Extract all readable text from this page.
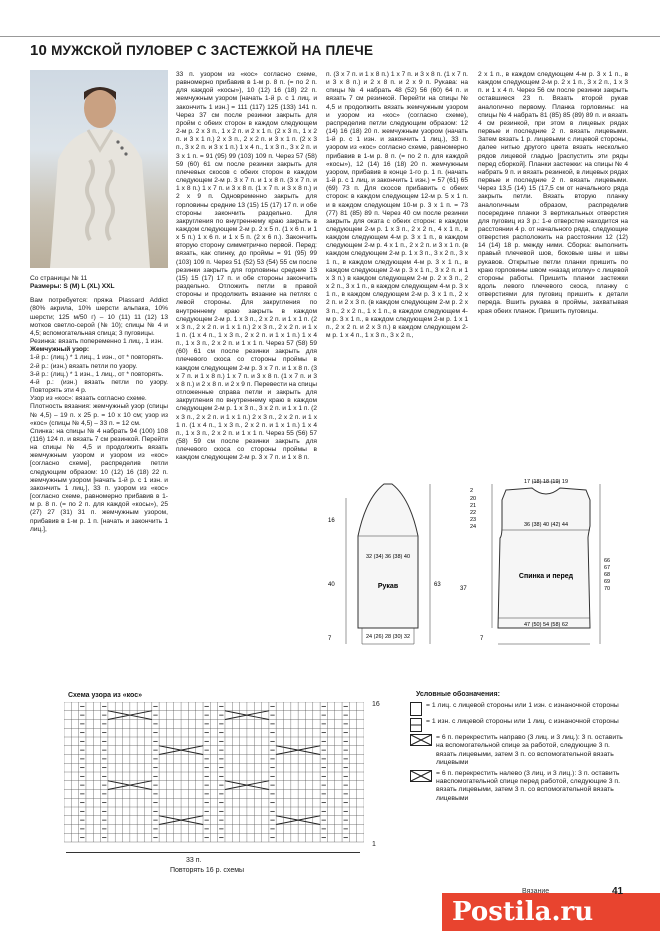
10 МУЖСКОЙ ПУЛОВЕР С ЗАСТЕЖКОЙ НА ПЛЕЧЕ

Со страницы № 11

Размеры: S (M) L (XL) XXL

Вам потребуется: пряжа Plassard Addict (80% акрила, 10% шерсти альпака, 10% шерсти; 125 м/50 г) – 10 (11) 11 (12) 13 мотков светло-серой (№ 10); спицы № 4 и 4,5; вспомогательная спица; 3 пуговицы.

Резинка: вязать попеременно 1 лиц., 1 изн.

Жемчужный узор:

1-й р.: (лиц.) * 1 лиц., 1 изн., от * повторять.

2-й р.: (изн.) вязать петли по узору.

3-й р.: (лиц.) * 1 изн., 1 лиц., от * повторять.

4-й р.: (изн.) вязать петли по узору. Повторять эти 4 р.

Узор из «кос»: вязать согласно схеме.

Плотность вязания: жемчужный узор (спицы № 4,5) – 19 п. х 25 р. = 10 х 10 см; узор из «кос» (спицы № 4,5) – 33 п. = 12 см.

Спинка: на спицы № 4 набрать 94 (100) 108 (116) 124 п. и вязать 7 см резинкой. Перейти на спицы № 4,5 и продолжить вязать жемчужным узором и узором из «кос» [согласно схеме], распределив петли следующим образом: 10 (12) 16 (18) 22 п. жемчужным узором [начать 1-й р. с 1 изн. и закончить 1 лиц.], 33 п. узором из «кос» [согласно схеме, равномерно прибавив в 1-м р. 8 п. (= по 2 п. для каждой «косы»), 25 (27) 27 (31) 31 п. жемчужным узором, прибавив в 1-м р. 1 п. [начать и закончить 1 лиц.],

33 п. узором из «кос» согласно схеме, равномерно прибавив в 1-м р. 8 п. (= по 2 п. для каждой «косы»), 10 (12) 16 (18) 22 п. жемчужным узором [начать 1-й р. с 1 лиц. и закончить 1 изн.] = 111 (117) 125 (133) 141 п. Через 37 см после резинки закрыть для пройм с обеих сторон в каждом следующем 2-м р. 2 х 3 п., 1 х 2 п. и 2 х 1 п. (2 х 3 п., 1 х 2 п. и 3 х 1 п.) 2 х 3 п., 2 х 2 п. и 3 х 1 п. (2 х 3 п., 3 х 2 п. и 3 х 1 п.) 1 х 4 п., 1 х 3 п., 3 х 2 п. и 3 х 1 п. = 91 (95) 99 (103) 109 п. Через 57 (58) 59 (60) 61 см после резинки закрыть для плечевых скосов с обеих сторон в каждом следующем 2-м р. 3 х 7 п. и 1 х 8 п. (3 х 7 п. и 1 х 8 п.) 1 х 7 п. и 3 х 8 п. (1 х 7 п. и 3 х 8 п.) и 2 х 9 п. Одновременно закрыть для горловины средние 13 (15) 15 (17) 17 п. и обе стороны закончить раздельно. Для закругления по внутреннему краю закрыть в каждом следующем 2-м р. 2 х 5 п. (1 х 6 п. и 1 х 5 п.) 1 х 6 п. и 1 х 5 п. (2 х 6 п.). Закончить вторую сторону симметрично первой. Перед: вязать, как спинку, до проймы = 91 (95) 99 (103) 109 п. Через 51 (52) 53 (54) 55 см после резинки закрыть для горловины средние 13 (15) 15 (17) 17 п. и обе стороны закончить раздельно. Отложить петли в правой стороны и продолжить вязание на петлях с левой стороны. Для закругления по внутреннему краю закрыть в каждом следующем 2-м р. 1 х 3 п., 2 х 2 п. и 1 х 1 п. (2 х 3 п., 2 х 2 п. и 1 х 1 п.) 2 х 3 п., 2 х 2 п. и 1 х 1 п. (1 х 4 п., 1 х 3 п., 2 х 2 п. и 1 х 1 п.) 1 х 4 п., 1 х 3 п., 2 х 2 п. и 1 х 1 п. Через 57 (58) 59 (60) 61 см после резинки закрыть для плечевого скоса со стороны проймы в каждом следующем 2-м р. 3 х 7 п. и 1 х 8 п. (3 х 7 п. и 1 х 8 п.) 1 х 7 п. и 3 х 8 п. (1 х 7 п. и 3 х 8 п.) и 2 х 8 п. и 2 х 9 п. Перевести на спицы отложенные справа петли и закрыть для закругления по внутреннему краю в каждом следующем 2-м р. 1 х 3 п., 3 х 2 п. и 1 х 1 п. (2 х 3 п., 2 х 2 п. и 1 х 1 п.) 2 х 3 п., 2 х 2 п. и 1 х 1 п. (1 х 4 п., 1 х 3 п., 2 х 2 п. и 1 х 1 п.) 1 х 4 п., 1 х 3 п., 2 х 2 п. и 1 х 1 п. Через 55 (56) 57 (58) 59 см после резинки закрыть для плечевого скоса со стороны проймы в каждом следующем 2-м р. 3 х 7 п. и 1 х 8 п.

п. (3 х 7 п. и 1 х 8 п.) 1 х 7 п. и 3 х 8 п. (1 х 7 п. и 3 х 8 п.) и 2 х 8 п. и 2 х 9 п. Рукава: на спицы № 4 набрать 48 (52) 56 (60) 64 п. и вязать 7 см резинкой. Перейти на спицы № 4,5 и продолжить вязать жемчужным узором и узором из «кос» (согласно схеме), распределив петли следующим образом: 12 (14) 16 (18) 20 п. жемчужным узором (начать 1-й р. с 1 изн. и закончить 1 лиц.), 33 п. узором из «кос» согласно схеме, равномерно прибавив в 1-м р. 8 п. (= по 2 п. для каждой «косы»), 12 (14) 16 (18) 20 п. жемчужным узором, прибавив в конце 1-го р. 1 п. (начать 1-й р. с 1 лиц. и закончить 1 изн.) = 57 (61) 65 (69) 73 п. Для скосов прибавить с обеих сторон: в каждом следующем 12-м р. 5 х 1 п. и в каждом следующем 10-м р. 3 х 1 п. = 73 (77) 81 (85) 89 п. Через 40 см после резинки закрыть для оката с обеих сторон: в каждом следующем 2-м р. 1 х 3 п., 2 х 2 п., 4 х 1 п., в каждом следующем 4-м р. 3 х 1 п., в каждом следующем 2-м р. 4 х 1 п., 2 х 2 п. и 3 х 1 п. (в каждом следующем 2-м р. 1 х 3 п., 3 х 2 п., 3 х 1 п., в каждом следующем 4-м р. 3 х 1 п., в каждом следующем 2-м р. 3 х 1 п., 3 х 2 п. и 1 х 3 п.) в каждом следующем 2-м р. 2 х 3 п., 2 х 2 п., 3 х 1 п., в каждом следующем 4-м р. 3 х 1 п., в каждом следующем 2-м р. 3 х 1 п., 2 х 2 п. и 2 х 3 п. (в каждом следующем 2-м р. 2 х 3 п., 2 х 2 п., 1 х 1 п., в каждом следующем 4-м р. 3 х 1 п., в каждом следующем 2-м р. 1 х 1 п., 2 х 2 п. и 2 х 3 п.) в каждом следующем 2-м р. 1 х 4 п., 1 х 3 п., 3 х 2 п.,

2 х 1 п., в каждом следующем 4-м р. 3 х 1 п., в каждом следующем 2-м р. 2 х 1 п., 3 х 2 п., 1 х 3 п. и 1 х 4 п. Через 56 см после резинки закрыть оставшиеся 23 п. Вязать второй рукав аналогично первому. Планка горловины: на спицы № 4 набрать 81 (85) 85 (89) 89 п. и вязать 4 см резинкой, при этом в лицевых рядах первые и последние 2 п. вязать лицевыми. Затем вязать 1 р. лицевыми с лицевой стороны, далее нитью другого цвета вязать несколько рядов лицевой гладью [распустить эти ряды перед сборкой]. Планки застежки: на спицы № 4 набрать 9 п. и вязать резинкой, в лицевых рядах первые и последние 2 п. вязать лицевыми. Через 13,5 (14) 15 (17,5 см от начального ряда закрыть петли. Вязать вторую планку аналогичным образом, распределив посередине планки 3 вертикальных отверстия для пуговиц из 3 р.: 1-е отверстие находится на расстоянии 4 р. от начального ряда, следующие отверстия расположить на расстоянии 12 (12) 14 (14) 18 р. между ними. Сборка: выполнить правый плечевой шов, боковые швы и швы рукавов. Открытые петли планки пришить по краю горловины швом «назад иголку» с лицевой стороны работы. Пришить планки застежки вдоль левого плечевого скоса, планку с отверстиями для пуговиц пришить к детали переда. Вшить рукава в проймы, захватывая края обеих планок. Пришить пуговицы.

Рукав
32 (34) 36 (38) 40
16
40	63
24 (26) 28 (30) 32
7
17 (18) 18 (19) 19
36 (38) 40 (42) 44
Спинка и перед
47 (50) 54 (58) 62
2
20
21
22
23
24
37
66
67
68
69
70
7
Схема узора из «кос»
16
1
33 п.
Повторять 16 р. схемы
Условные обозначения:
= 1 лиц. с лицевой стороны или 1 изн. с изнаночной стороны
= 1 изн. с лицевой стороны или 1 лиц. с изнаночной стороны
= 6 п. перекрестить направо (3 лиц. и 3 лиц.): 3 п. оставить на вспомогательной спице за работой, следующие 3 п. вязать лицевыми, затем 3 п. со вспомогательной вязать лицевыми
= 6 п. перекрестить налево (3 лиц. и 3 лиц.): 3 п. оставить навспомогательной спице перед работой, следующие 3 п. вязать лицевыми, затем 3 п. со вспомогательной вязать лицевыми
Postila.ru
Вязание	41
